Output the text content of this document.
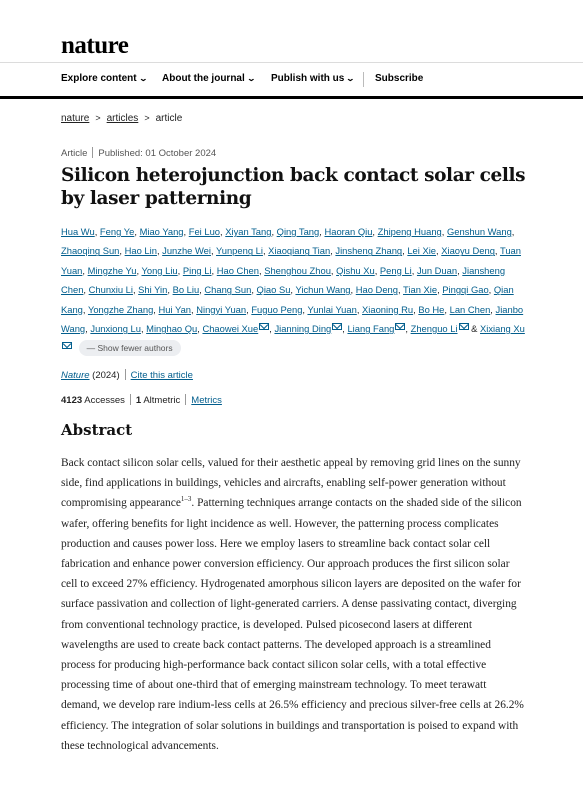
nature
Explore content ⌄ About the journal ⌄ Publish with us ⌄ Subscribe
nature > articles > article
Article Published: 01 October 2024
Silicon heterojunction back contact solar cells by laser patterning
Hua Wu, Feng Ye, Miao Yang, Fei Luo, Xiyan Tang, Qing Tang, Haoran Qiu, Zhipeng Huang, Genshun Wang, Zhaoqing Sun, Hao Lin, Junzhe Wei, Yunpeng Li, Xiaoqiang Tian, Jinsheng Zhang, Lei Xie, Xiaoyu Deng, Tuan Yuan, Mingzhe Yu, Yong Liu, Ping Li, Hao Chen, Shenghou Zhou, Qishu Xu, Peng Li, Jun Duan, Jiansheng Chen, Chunxiu Li, Shi Yin, Bo Liu, Chang Sun, Qiao Su, Yichun Wang, Hao Deng, Tian Xie, Pingqi Gao, Qian Kang, Yongzhe Zhang, Hui Yan, Ningyi Yuan, Fuguo Peng, Yunlai Yuan, Xiaoning Ru, Bo He, Lan Chen, Jianbo Wang, Junxiong Lu, Minghao Qu, Chaowei Xue , Jianning Ding , Liang Fang , Zhenguo Li & Xixiang Xu — Show fewer authors
Nature (2024) Cite this article
4123 Accesses 1 Altmetric Metrics
Abstract

Back contact silicon solar cells, valued for their aesthetic appeal by removing grid lines on the sunny side, find applications in buildings, vehicles and aircrafts, enabling self-power generation without compromising appearance$^{1-3}$. Patterning techniques arrange contacts on the shaded side of the silicon wafer, offering benefits for light incidence as well. However, the patterning process complicates production and causes power loss. Here we employ lasers to streamline back contact solar cell fabrication and enhance power conversion efficiency. Our approach produces the first silicon solar cell to exceed 27% efficiency. Hydrogenated amorphous silicon layers are deposited on the wafer for surface passivation and collection of light-generated carriers. A dense passivating contact, diverging from conventional technology practice, is developed. Pulsed picosecond lasers at different wavelengths are used to create back contact patterns. The developed approach is a streamlined process for producing high-performance back contact silicon solar cells, with a total effective processing time of about one-third that of emerging mainstream technology. To meet terawatt demand, we develop rare indium-less cells at 26.5% efficiency and precious silver-free cells at 26.2% efficiency. The integration of solar solutions in buildings and transportation is poised to expand with these technological advancements.
